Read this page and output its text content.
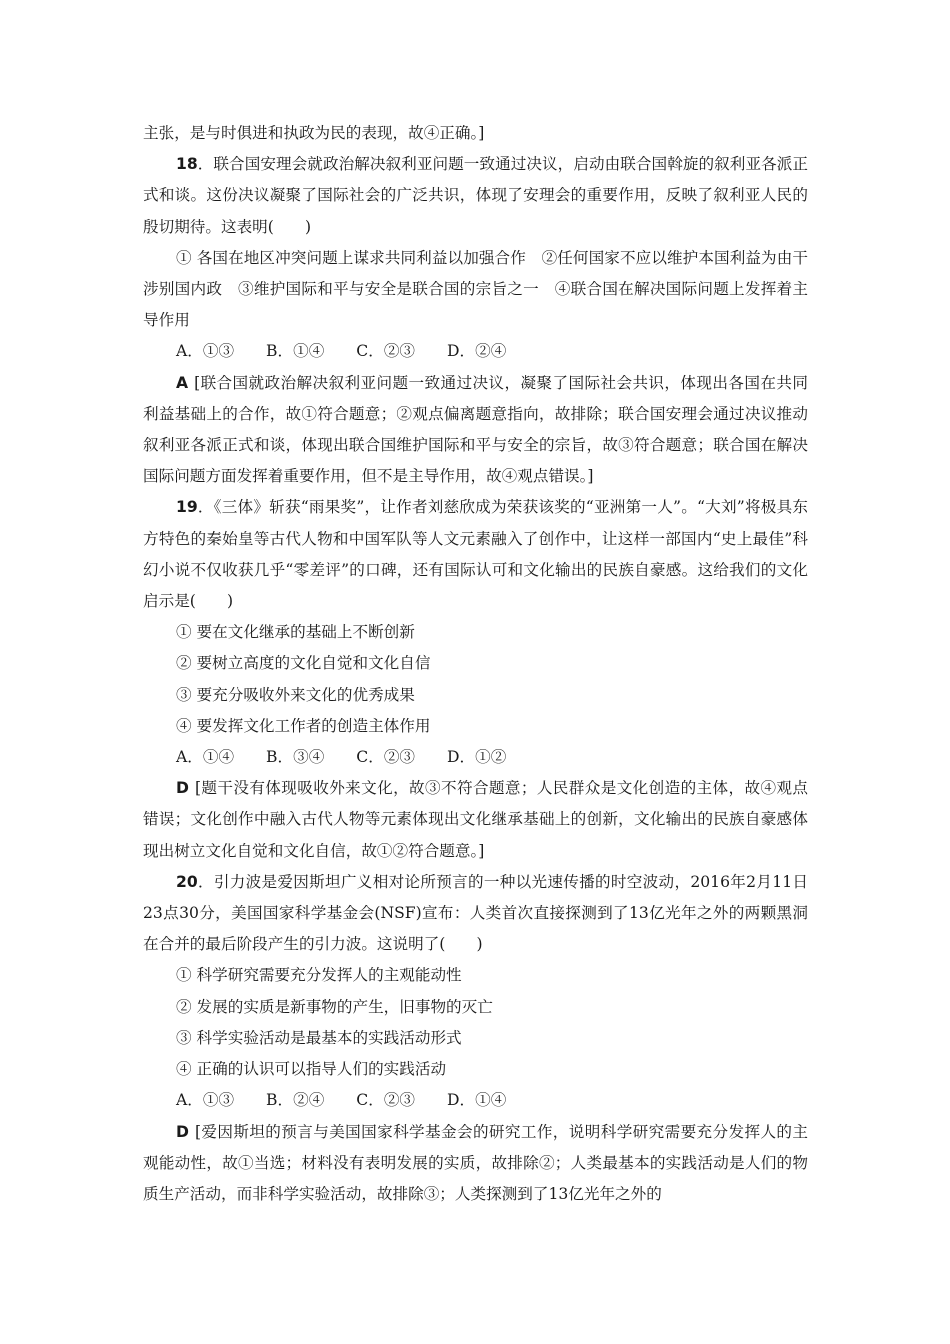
主张，是与时俱进和执政为民的表现，故④正确。]

18．联合国安理会就政治解决叙利亚问题一致通过决议，启动由联合国斡旋的叙利亚各派正式和谈。这份决议凝聚了国际社会的广泛共识，体现了安理会的重要作用，反映了叙利亚人民的殷切期待。这表明(　　)

① 各国在地区冲突问题上谋求共同利益以加强合作　②任何国家不应以维护本国利益为由干涉别国内政　③维护国际和平与安全是联合国的宗旨之一　④联合国在解决国际问题上发挥着主导作用

A．①③ B．①④ C．②③ D．②④

A [联合国就政治解决叙利亚问题一致通过决议，凝聚了国际社会共识，体现出各国在共同利益基础上的合作，故①符合题意；②观点偏离题意指向，故排除；联合国安理会通过决议推动叙利亚各派正式和谈，体现出联合国维护国际和平与安全的宗旨，故③符合题意；联合国在解决国际问题方面发挥着重要作用，但不是主导作用，故④观点错误。]

19．《三体》斩获“雨果奖”，让作者刘慈欣成为荣获该奖的“亚洲第一人”。“大刘”将极具东方特色的秦始皇等古代人物和中国军队等人文元素融入了创作中，让这样一部国内“史上最佳”科幻小说不仅收获几乎“零差评”的口碑，还有国际认可和文化输出的民族自豪感。这给我们的文化启示是(　　)

① 要在文化继承的基础上不断创新

② 要树立高度的文化自觉和文化自信

③ 要充分吸收外来文化的优秀成果

④ 要发挥文化工作者的创造主体作用

A．①④ B．③④ C．②③ D．①②

D [题干没有体现吸收外来文化，故③不符合题意；人民群众是文化创造的主体，故④观点错误；文化创作中融入古代人物等元素体现出文化继承基础上的创新，文化输出的民族自豪感体现出树立文化自觉和文化自信，故①②符合题意。]

20．引力波是爱因斯坦广义相对论所预言的一种以光速传播的时空波动，2016年2月11日23点30分，美国国家科学基金会(NSF)宣布：人类首次直接探测到了13亿光年之外的两颗黑洞在合并的最后阶段产生的引力波。这说明了(　　)

① 科学研究需要充分发挥人的主观能动性

② 发展的实质是新事物的产生，旧事物的灭亡

③ 科学实验活动是最基本的实践活动形式

④ 正确的认识可以指导人们的实践活动

A．①③ B．②④ C．②③ D．①④

D [爱因斯坦的预言与美国国家科学基金会的研究工作，说明科学研究需要充分发挥人的主观能动性，故①当选；材料没有表明发展的实质，故排除②；人类最基本的实践活动是人们的物质生产活动，而非科学实验活动，故排除③；人类探测到了13亿光年之外的
